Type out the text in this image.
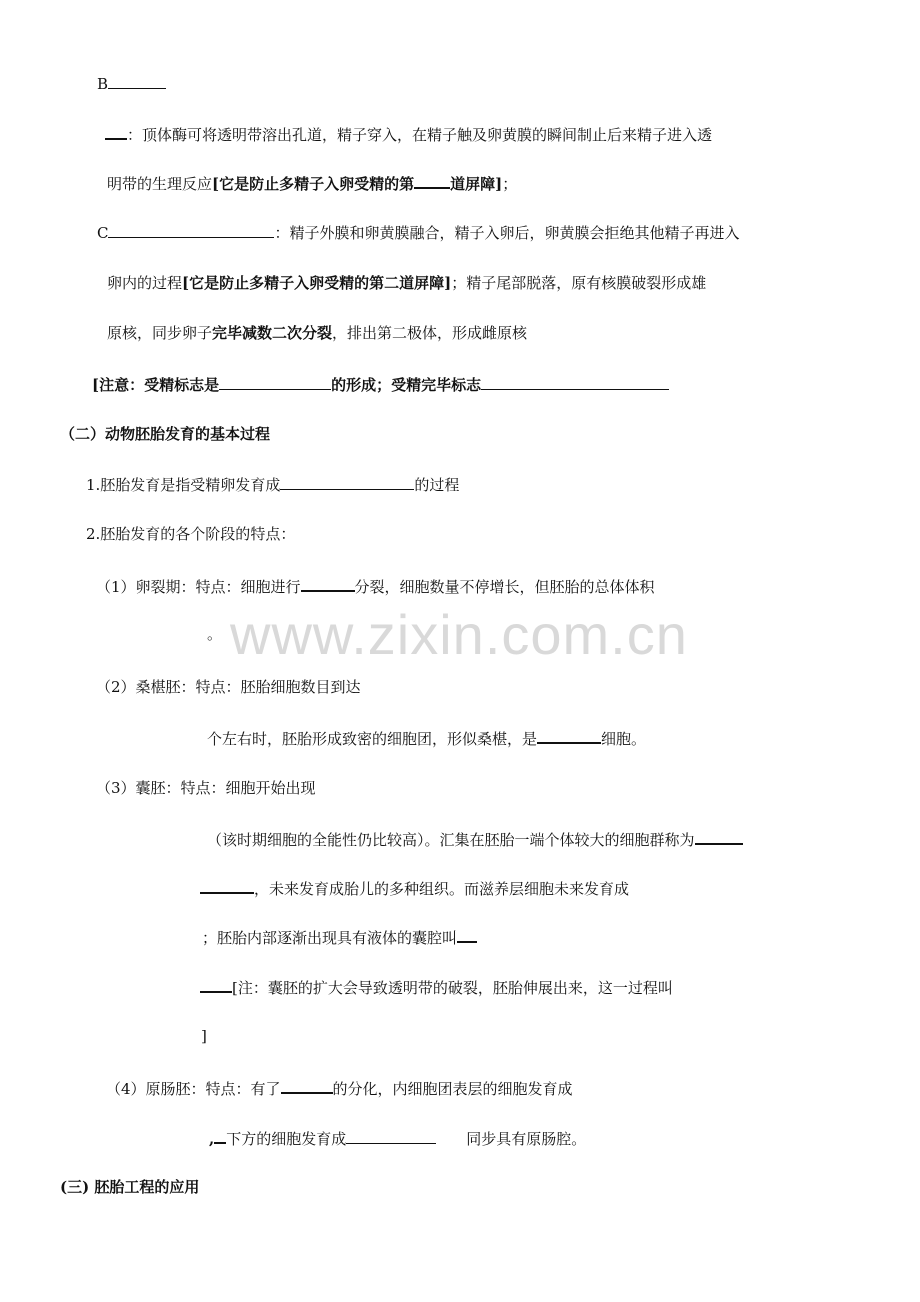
www.zixin.com.cn
B
：顶体酶可将透明带溶出孔道，精子穿入，在精子触及卵黄膜的瞬间制止后来精子进入透
明带的生理反应[它是防止多精子入卵受精的第 道屏障]；
C	：精子外膜和卵黄膜融合，精子入卵后，卵黄膜会拒绝其他精子再进入
卵内的过程[它是防止多精子入卵受精的第二道屏障]；精子尾部脱落，原有核膜破裂形成雄
原核，同步卵子完毕减数二次分裂，排出第二极体，形成雌原核
[注意：受精标志是	的形成；受精完毕标志
（二）动物胚胎发育的基本过程
1.胚胎发育是指受精卵发育成	的过程
2.胚胎发育的各个阶段的特点：
（1）卵裂期：特点：细胞进行	分裂，细胞数量不停增长，但胚胎的总体体积
。
（2）桑椹胚：特点：胚胎细胞数目到达
个左右时，胚胎形成致密的细胞团，形似桑椹，是	细胞。
（3）囊胚：特点：细胞开始出现
（该时期细胞的全能性仍比较高）。汇集在胚胎一端个体较大的细胞群称为
，未来发育成胎儿的多种组织。而滋养层细胞未来发育成
；胚胎内部逐渐出现具有液体的囊腔叫
[注：囊胚的扩大会导致透明带的破裂，胚胎伸展出来，这一过程叫
]
（4）原肠胚：特点：有了	的分化，内细胞团表层的细胞发育成
, 下方的细胞发育成	同步具有原肠腔。
(三) 胚胎工程的应用
